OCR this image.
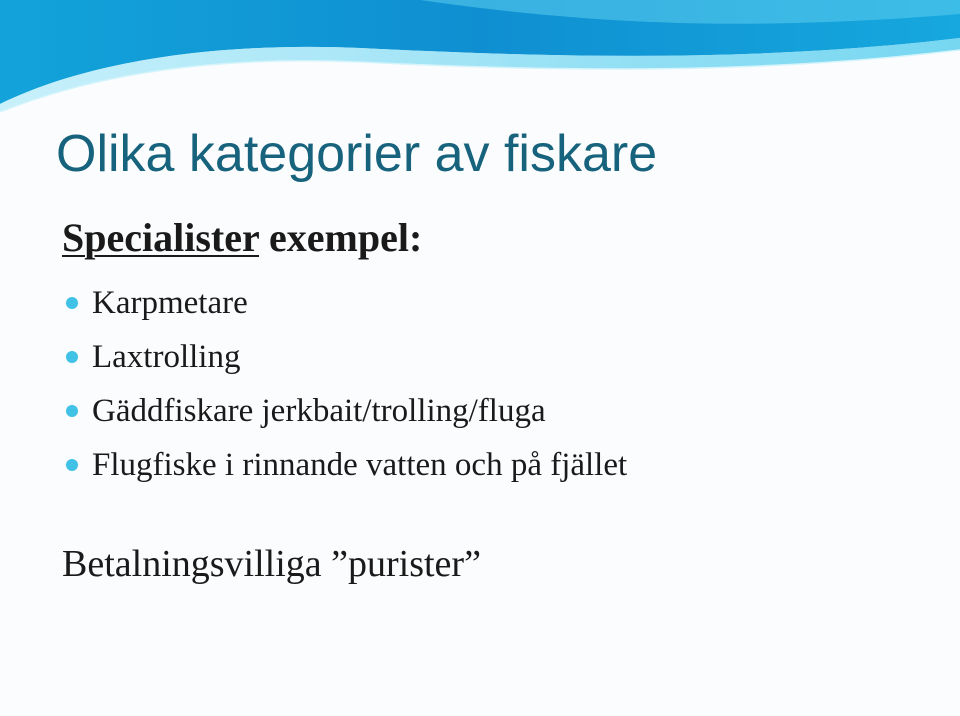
Olika kategorier av fiskare
Specialister exempel:
Karpmetare
Laxtrolling
Gäddfiskare jerkbait/trolling/fluga
Flugfiske i rinnande vatten och på fjället

Betalningsvilliga ”purister”
